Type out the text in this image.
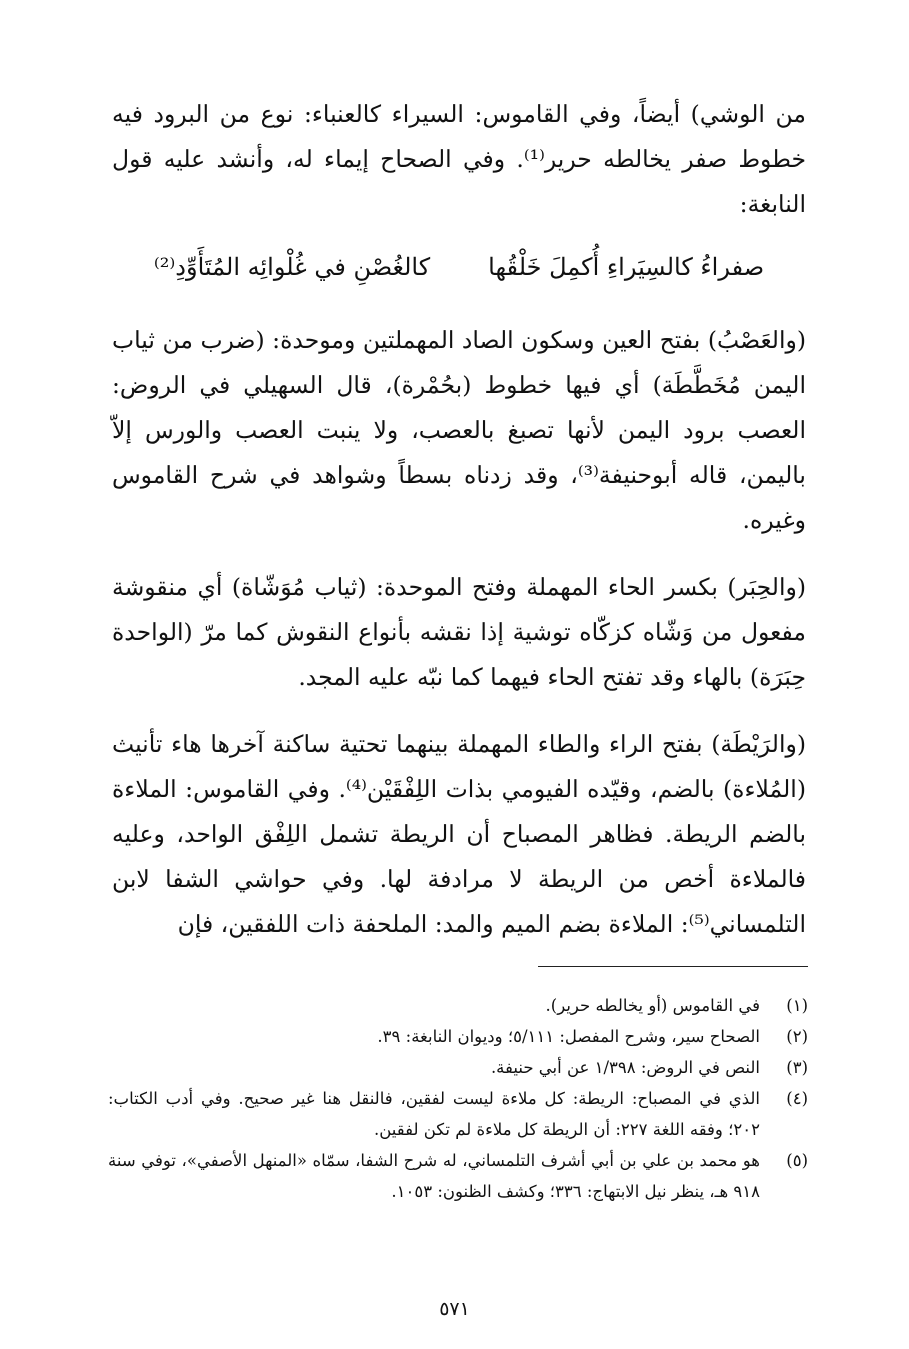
من الوشي) أيضاً، وفي القاموس: السيراء كالعنباء: نوع من البرود فيه خطوط صفر يخالطه حرير⁽¹⁾. وفي الصحاح إيماء له، وأنشد عليه قول النابغة:

صفراءُ كالسِيَراءِ أُكمِلَ خَلْقُها
كالغُصْنِ في غُلْوائِه المُتَأَوِّدِ⁽²⁾

(والعَصْبُ) بفتح العين وسكون الصاد المهملتين وموحدة: (ضرب من ثياب اليمن مُخَطَّطَة) أي فيها خطوط (بحُمْرة)، قال السهيلي في الروض: العصب برود اليمن لأنها تصبغ بالعصب، ولا ينبت العصب والورس إلاّ باليمن، قاله أبوحنيفة⁽³⁾، وقد زدناه بسطاً وشواهد في شرح القاموس وغيره.

(والحِبَر) بكسر الحاء المهملة وفتح الموحدة: (ثياب مُوَشّاة) أي منقوشة مفعول من وَشّاه كزكّاه توشية إذا نقشه بأنواع النقوش كما مرّ (الواحدة حِبَرَة) بالهاء وقد تفتح الحاء فيهما كما نبّه عليه المجد.

(والرَيْطَة) بفتح الراء والطاء المهملة بينهما تحتية ساكنة آخرها هاء تأنيث (المُلاءة) بالضم، وقيّده الفيومي بذات اللِفْقَيْن⁽⁴⁾. وفي القاموس: الملاءة بالضم الريطة. فظاهر المصباح أن الريطة تشمل اللِفْق الواحد، وعليه فالملاءة أخص من الريطة لا مرادفة لها. وفي حواشي الشفا لابن التلمساني⁽⁵⁾: الملاءة بضم الميم والمد: الملحفة ذات اللفقين، فإن

(١)
في القاموس (أو يخالطه حرير).
(٢)
الصحاح سير، وشرح المفصل: ٥/١١١؛ وديوان النابغة: ٣٩.
(٣)
النص في الروض: ١/٣٩٨ عن أبي حنيفة.
(٤)
الذي في المصباح: الريطة: كل ملاءة ليست لفقين، فالنقل هنا غير صحيح. وفي أدب الكتاب: ٢٠٢؛ وفقه اللغة ٢٢٧: أن الريطة كل ملاءة لم تكن لفقين.
(٥)
هو محمد بن علي بن أبي أشرف التلمساني، له شرح الشفا، سمّاه «المنهل الأصفي»، توفي سنة ٩١٨ هـ، ينظر نيل الابتهاج: ٣٣٦؛ وكشف الظنون: ١٠٥٣.
٥٧١
